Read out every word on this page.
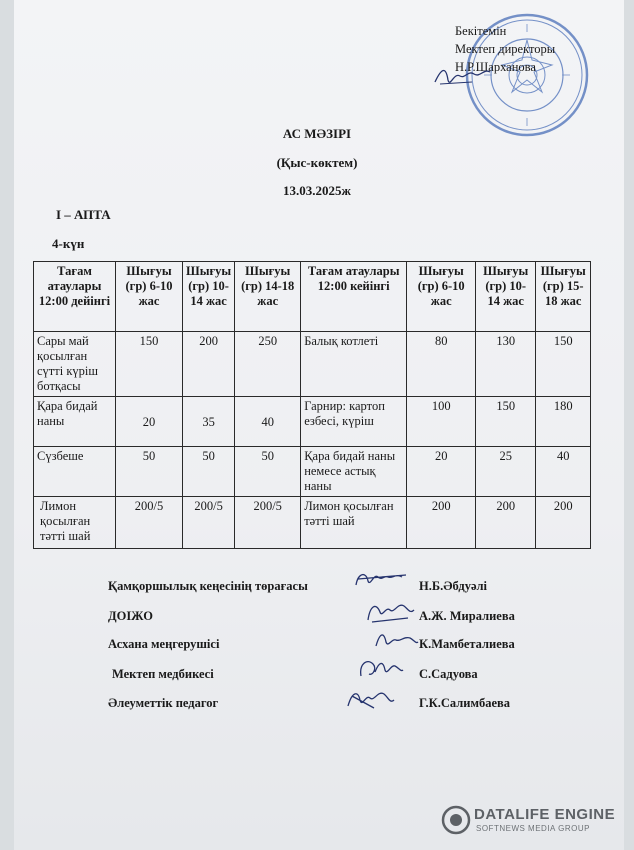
Бекітемін
Мектеп директоры
Н.Р.Шарханова
АС МӘЗІРІ
(Қыс-көктем)
13.03.2025ж
I – АПТА
4-күн
Тағам атаулары 12:00 дейінгі	Шығуы (гр) 6-10 жас	Шығуы (гр) 10-14 жас	Шығуы (гр) 14-18 жас	Тағам атаулары 12:00 кейінгі	Шығуы (гр) 6-10 жас	Шығуы (гр) 10-14 жас	Шығуы (гр) 15-18 жас
Сары май қосылған сүтті күріш ботқасы	150	200	250	Балық котлеті	80	130	150
Қара бидай наны	20	35	40	Гарнир: картоп езбесі, күріш	100	150	180
Сүзбеше	50	50	50	Қара бидай наны немесе астық наны	20	25	40
Лимон қосылған тәтті шай	200/5	200/5	200/5	Лимон қосылған тәтті шай	200	200	200
Қамқоршылық кеңесінің төрағасы	Н.Б.Әбдуәлі
ДОІЖО	А.Ж. Миралиева
Асхана меңгерушісі	К.Мамбеталиева
Мектеп медбикесі	С.Садуова
Әлеуметтік педагог	Г.К.Салимбаева
DATALIFE ENGINE
SOFTNEWS MEDIA GROUP
